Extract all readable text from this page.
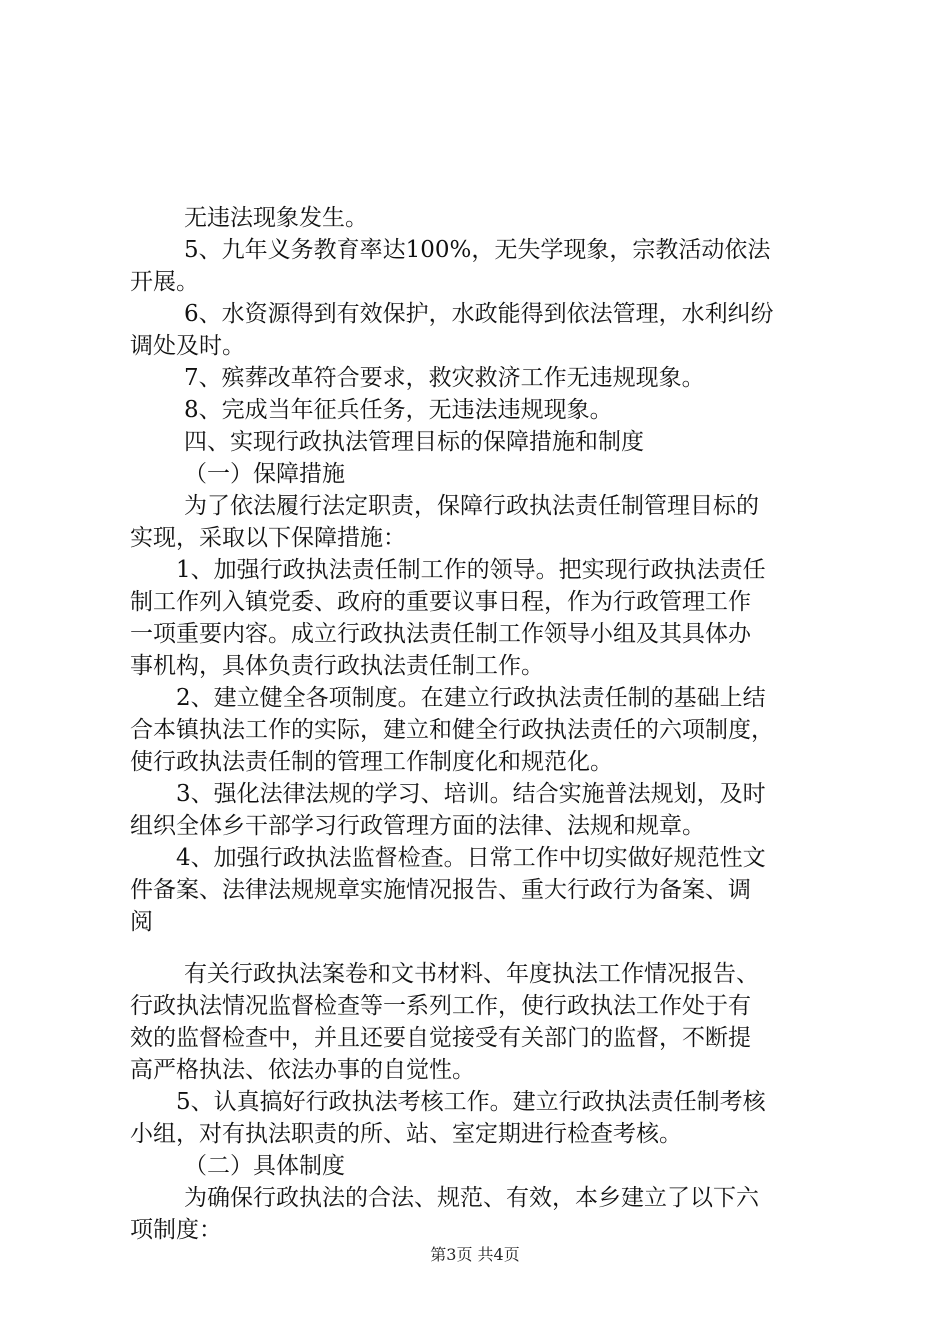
无违法现象发生。
5、九年义务教育率达100%，无失学现象，宗教活动依法
开展。
6、水资源得到有效保护，水政能得到依法管理，水利纠纷
调处及时。
7、殡葬改革符合要求，救灾救济工作无违规现象。
8、完成当年征兵任务，无违法违规现象。
四、实现行政执法管理目标的保障措施和制度
（一）保障措施
为了依法履行法定职责，保障行政执法责任制管理目标的
实现，采取以下保障措施：
1、加强行政执法责任制工作的领导。把实现行政执法责任
制工作列入镇党委、政府的重要议事日程，作为行政管理工作
一项重要内容。成立行政执法责任制工作领导小组及其具体办
事机构，具体负责行政执法责任制工作。
2、建立健全各项制度。在建立行政执法责任制的基础上结
合本镇执法工作的实际，建立和健全行政执法责任的六项制度，
使行政执法责任制的管理工作制度化和规范化。
3、强化法律法规的学习、培训。结合实施普法规划，及时
组织全体乡干部学习行政管理方面的法律、法规和规章。
4、加强行政执法监督检查。日常工作中切实做好规范性文
件备案、法律法规规章实施情况报告、重大行政行为备案、调
阅
有关行政执法案卷和文书材料、年度执法工作情况报告、
行政执法情况监督检查等一系列工作，使行政执法工作处于有
效的监督检查中，并且还要自觉接受有关部门的监督，不断提
高严格执法、依法办事的自觉性。
5、认真搞好行政执法考核工作。建立行政执法责任制考核
小组，对有执法职责的所、站、室定期进行检查考核。
（二）具体制度
为确保行政执法的合法、规范、有效，本乡建立了以下六
项制度：
第3页 共4页
